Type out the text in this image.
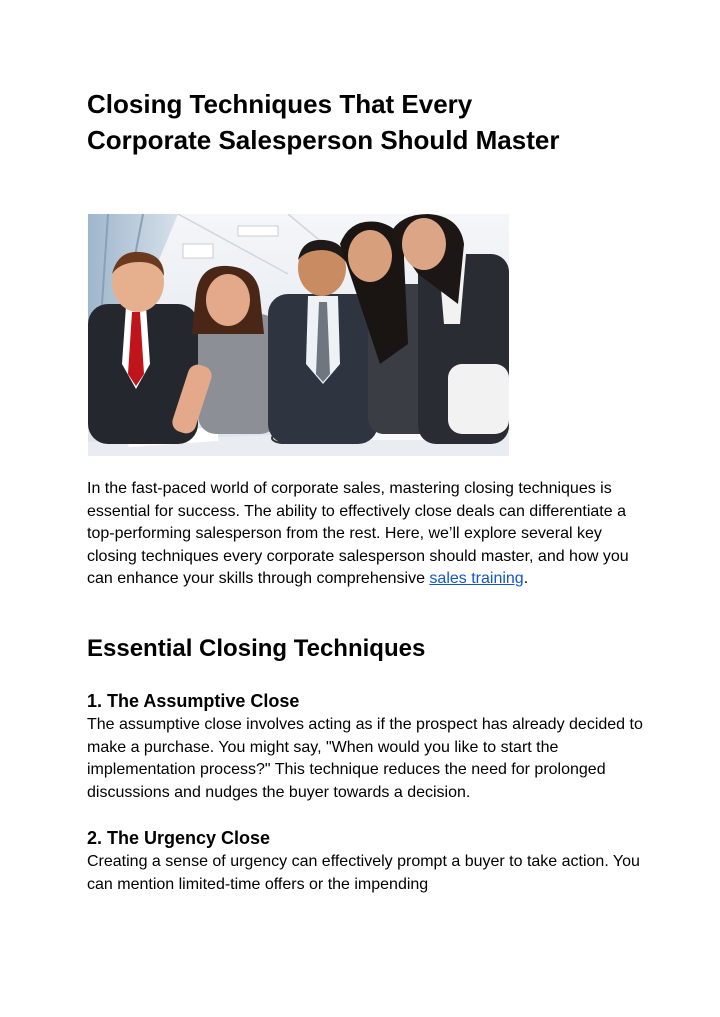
Closing Techniques That Every
Corporate Salesperson Should Master

In the fast-paced world of corporate sales, mastering closing techniques is essential for success. The ability to effectively close deals can differentiate a top-performing salesperson from the rest. Here, we’ll explore several key closing techniques every corporate salesperson should master, and how you can enhance your skills through comprehensive sales training.

Essential Closing Techniques
1. The Assumptive Close

The assumptive close involves acting as if the prospect has already decided to make a purchase. You might say, "When would you like to start the implementation process?" This technique reduces the need for prolonged discussions and nudges the buyer towards a decision.

2. The Urgency Close

Creating a sense of urgency can effectively prompt a buyer to take action. You can mention limited-time offers or the impending
